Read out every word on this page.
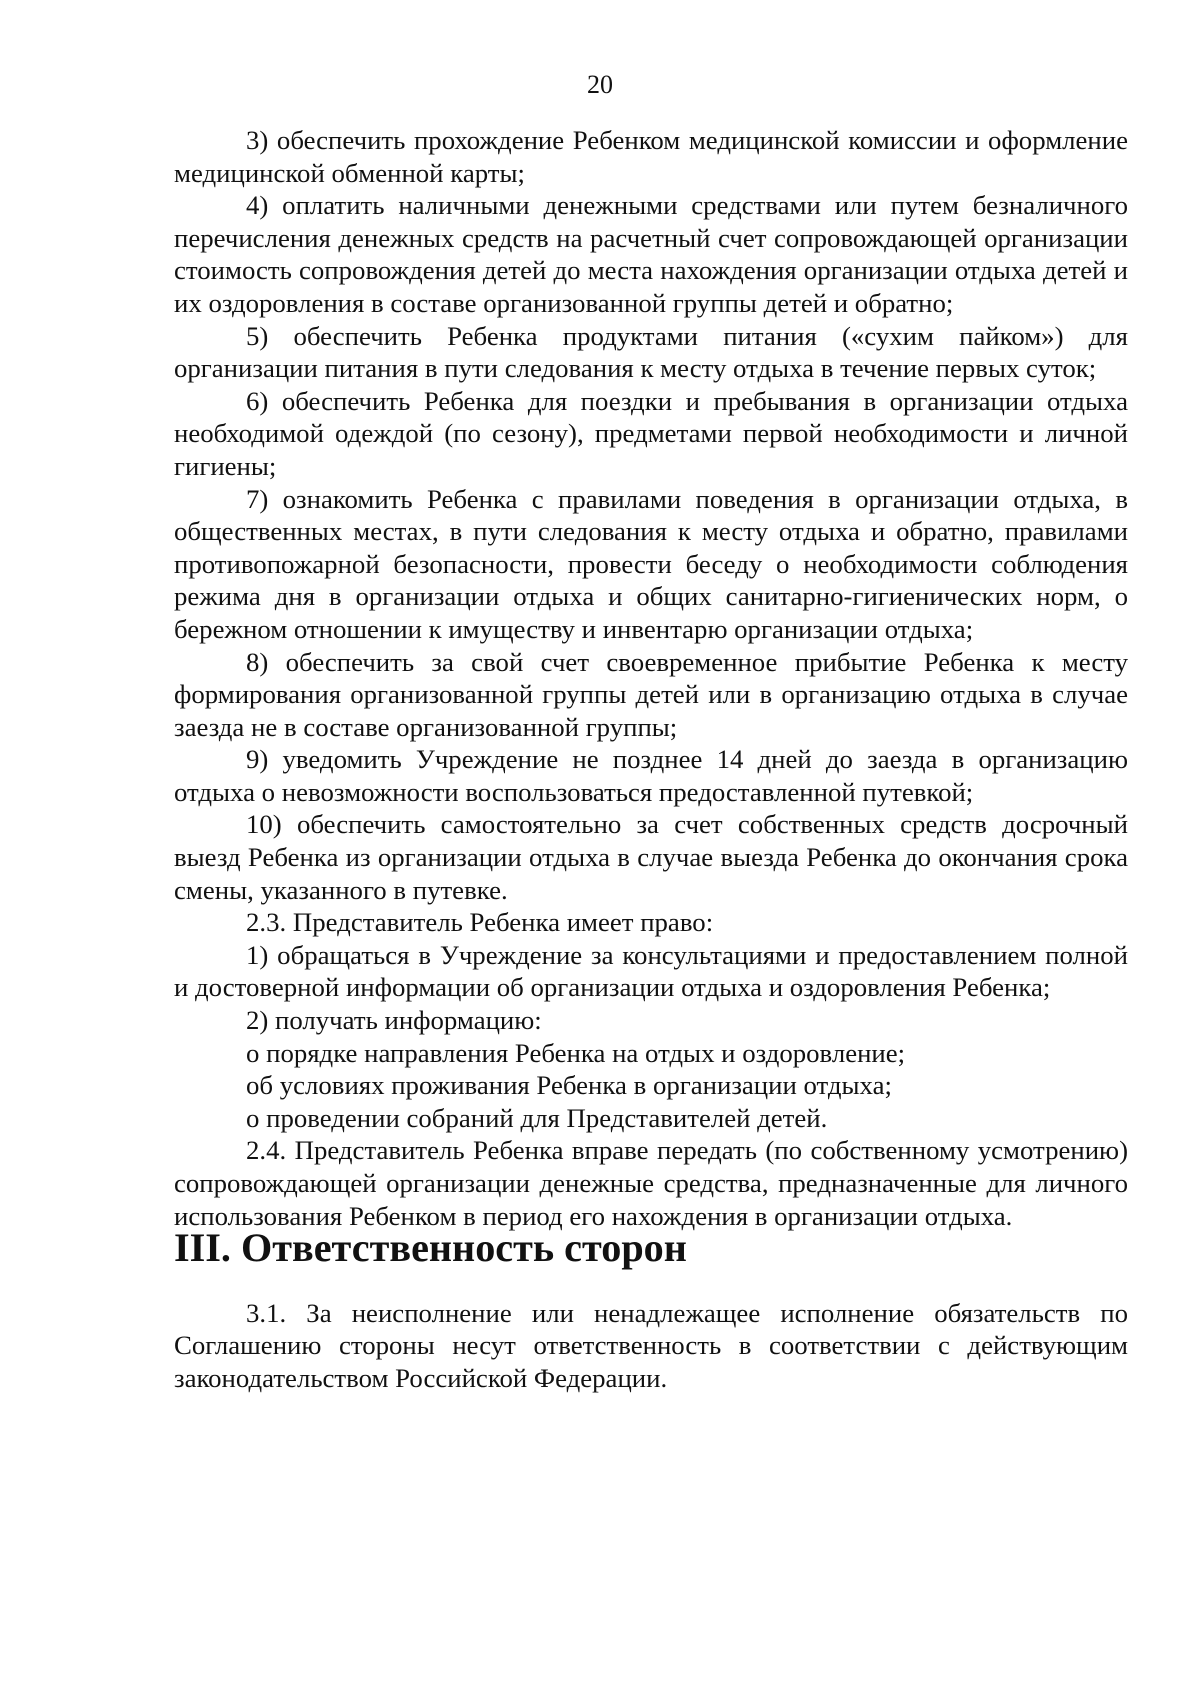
20

3) обеспечить прохождение Ребенком медицинской комиссии и оформление медицинской обменной карты;

4) оплатить наличными денежными средствами или путем безналичного перечисления денежных средств на расчетный счет сопровождающей организации стоимость сопровождения детей до места нахождения организации отдыха детей и их оздоровления в составе организованной группы детей и обратно;

5) обеспечить Ребенка продуктами питания («сухим пайком») для организации питания в пути следования к месту отдыха в течение первых суток;

6) обеспечить Ребенка для поездки и пребывания в организации отдыха необходимой одеждой (по сезону), предметами первой необходимости и личной гигиены;

7) ознакомить Ребенка с правилами поведения в организации отдыха, в общественных местах, в пути следования к месту отдыха и обратно, правилами противопожарной безопасности, провести беседу о необходимости соблюдения режима дня в организации отдыха и общих санитарно-гигиенических норм, о бережном отношении к имуществу и инвентарю организации отдыха;

8) обеспечить за свой счет своевременное прибытие Ребенка к месту формирования организованной группы детей или в организацию отдыха в случае заезда не в составе организованной группы;

9) уведомить Учреждение не позднее 14 дней до заезда в организацию отдыха о невозможности воспользоваться предоставленной путевкой;

10) обеспечить самостоятельно за счет собственных средств досрочный выезд Ребенка из организации отдыха в случае выезда Ребенка до окончания срока смены, указанного в путевке.

2.3. Представитель Ребенка имеет право:

1) обращаться в Учреждение за консультациями и предоставлением полной и достоверной информации об организации отдыха и оздоровления Ребенка;

2) получать информацию:

о порядке направления Ребенка на отдых и оздоровление;

об условиях проживания Ребенка в организации отдыха;

о проведении собраний для Представителей детей.

2.4. Представитель Ребенка вправе передать (по собственному усмотрению) сопровождающей организации денежные средства, предназначенные для личного использования Ребенком в период его нахождения в организации отдыха.

III. Ответственность сторон

3.1. За неисполнение или ненадлежащее исполнение обязательств по Соглашению стороны несут ответственность в соответствии с действующим законодательством Российской Федерации.
